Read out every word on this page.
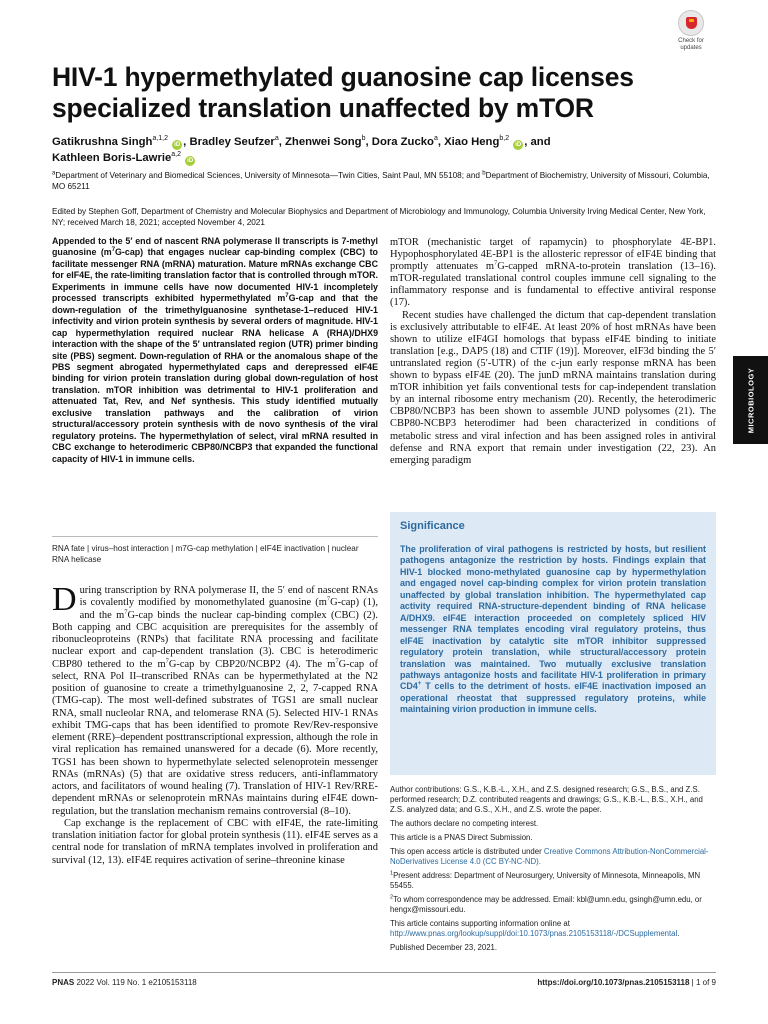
Check for updates
HIV-1 hypermethylated guanosine cap licenses specialized translation unaffected by mTOR
Gatikrushna Singh$^{a,1,2}$ iD , Bradley Seufzer$^a$, Zhenwei Song$^b$, Dora Zucko$^a$, Xiao Heng$^{b,2}$ iD , and
Kathleen Boris-Lawrie$^{a,2}$ iD
$^a$Department of Veterinary and Biomedical Sciences, University of Minnesota—Twin Cities, Saint Paul, MN 55108; and $^b$Department of Biochemistry, University of Missouri, Columbia, MO 65211
Edited by Stephen Goff, Department of Chemistry and Molecular Biophysics and Department of Microbiology and Immunology, Columbia University Irving Medical Center, New York, NY; received March 18, 2021; accepted November 4, 2021
Appended to the 5′ end of nascent RNA polymerase II transcripts is 7-methyl guanosine $(m^7G-cap)$ that engages nuclear cap-binding complex (CBC) to facilitate messenger RNA (mRNA) maturation. Mature mRNAs exchange CBC for eIF4E, the rate-limiting translation factor that is controlled through mTOR. Experiments in immune cells have now documented HIV-1 incompletely processed transcripts exhibited hypermethylated $m^7G$-cap and that the down-regulation of the trimethylguanosine synthetase-1–reduced HIV-1 infectivity and virion protein synthesis by several orders of magnitude. HIV-1 cap hypermethylation required nuclear RNA helicase A (RHA)/DHX9 interaction with the shape of the 5′ untranslated region (UTR) primer binding site (PBS) segment. Down-regulation of RHA or the anomalous shape of the PBS segment abrogated hypermethylated caps and derepressed eIF4E binding for virion protein translation during global down-regulation of host translation. mTOR inhibition was detrimental to HIV-1 proliferation and attenuated Tat, Rev, and Nef synthesis. This study identified mutually exclusive translation pathways and the calibration of virion structural/accessory protein synthesis with de novo synthesis of the viral regulatory proteins. The hypermethylation of select, viral mRNA resulted in CBC exchange to heterodimeric CBP80/NCBP3 that expanded the functional capacity of HIV-1 in immune cells.
RNA fate | virus–host interaction | m7G-cap methylation | eIF4E inactivation | nuclear RNA helicase

During transcription by RNA polymerase II, the 5′ end of nascent RNAs is covalently modified by monomethylated guanosine $(m^7G-cap)$ (1), and the $m^7G$-cap binds the nuclear cap-binding complex (CBC) (2). Both capping and CBC acquisition are prerequisites for the assembly of ribonucleoproteins (RNPs) that facilitate RNA processing and facilitate nuclear export and cap-dependent translation (3). CBC is heterodimeric CBP80 tethered to the $m^7G$-cap by CBP20/NCBP2 (4). The $m^7G$-cap of select, RNA Pol II–transcribed RNAs can be hypermethylated at the N2 position of guanosine to create a trimethylguanosine 2, 2, 7-capped RNA (TMG-cap). The most well-defined substrates of TGS1 are small nuclear RNA, small nucleolar RNA, and telomerase RNA (5). Selected HIV-1 RNAs exhibit TMG-caps that has been identified to promote Rev/Rev-responsive element (RRE)–dependent posttranscriptional expression, although the role in viral replication has remained unanswered for a decade (6). More recently, TGS1 has been shown to hypermethylate selected selenoprotein messenger RNAs (mRNAs) (5) that are oxidative stress reducers, anti-inflammatory actors, and facilitators of wound healing (7). Translation of HIV-1 Rev/RRE-dependent mRNAs or selenoprotein mRNAs maintains during eIF4E down-regulation, but the translation mechanism remains controversial (8–10).

Cap exchange is the replacement of CBC with eIF4E, the rate-limiting translation initiation factor for global protein synthesis (11). eIF4E serves as a central node for translation of mRNA templates involved in proliferation and survival (12, 13). eIF4E requires activation of serine–threonine kinase

mTOR (mechanistic target of rapamycin) to phosphorylate 4E-BP1. Hypophosphorylated 4E-BP1 is the allosteric repressor of eIF4E binding that promptly attenuates $m^7G$-capped mRNA-to-protein translation (13–16). mTOR-regulated translational control couples immune cell signaling to the inflammatory response and is fundamental to effective antiviral response (17).

Recent studies have challenged the dictum that cap-dependent translation is exclusively attributable to eIF4E. At least 20% of host mRNAs have been shown to utilize eIF4GI homologs that bypass eIF4E binding to initiate translation [e.g., DAP5 (18) and CTIF (19)]. Moreover, eIF3d binding the 5′ untranslated region (5′-UTR) of the c-jun early response mRNA has been shown to bypass eIF4E (20). The junD mRNA maintains translation during mTOR inhibition yet fails conventional tests for cap-independent translation by an internal ribosome entry mechanism (20). Recently, the heterodimeric CBP80/NCBP3 has been shown to assemble JUND polysomes (21). The CBP80-NCBP3 heterodimer had been characterized in conditions of metabolic stress and viral infection and has been assigned roles in antiviral defense and RNA export that remain under investigation (22, 23). An emerging paradigm

Significance
The proliferation of viral pathogens is restricted by hosts, but resilient pathogens antagonize the restriction by hosts. Findings explain that HIV-1 blocked mono-methylated guanosine cap by hypermethylation and engaged novel cap-binding complex for virion protein translation unaffected by global translation inhibition. The hypermethylated cap activity required RNA-structure-dependent binding of RNA helicase A/DHX9. eIF4E interaction proceeded on completely spliced HIV messenger RNA templates encoding viral regulatory proteins, thus eIF4E inactivation by catalytic site mTOR inhibitor suppressed regulatory protein translation, while structural/accessory protein translation was maintained. Two mutually exclusive translation pathways antagonize hosts and facilitate HIV-1 proliferation in primary CD4+ T cells to the detriment of hosts. eIF4E inactivation imposed an operational rheostat that suppressed regulatory proteins, while maintaining virion production in immune cells.

Author contributions: G.S., K.B.-L., X.H., and Z.S. designed research; G.S., B.S., and Z.S. performed research; D.Z. contributed reagents and drawings; G.S., K.B.-L., B.S., X.H., and Z.S. analyzed data; and G.S., X.H., and Z.S. wrote the paper.

The authors declare no competing interest.

This article is a PNAS Direct Submission.

This open access article is distributed under Creative Commons Attribution-NonCommercial-NoDerivatives License 4.0 (CC BY-NC-ND).

$^1$Present address: Department of Neurosurgery, University of Minnesota, Minneapolis, MN 55455.

$^2$To whom correspondence may be addressed. Email: kbl@umn.edu, gsingh@umn.edu, or hengx@missouri.edu.

This article contains supporting information online at http://www.pnas.org/lookup/suppl/doi:10.1073/pnas.2105153118/-/DCSupplemental.

Published December 23, 2021.

MICROBIOLOGY
PNAS 2022 Vol. 119 No. 1 e2105153118	https://doi.org/10.1073/pnas.2105153118 | 1 of 9
